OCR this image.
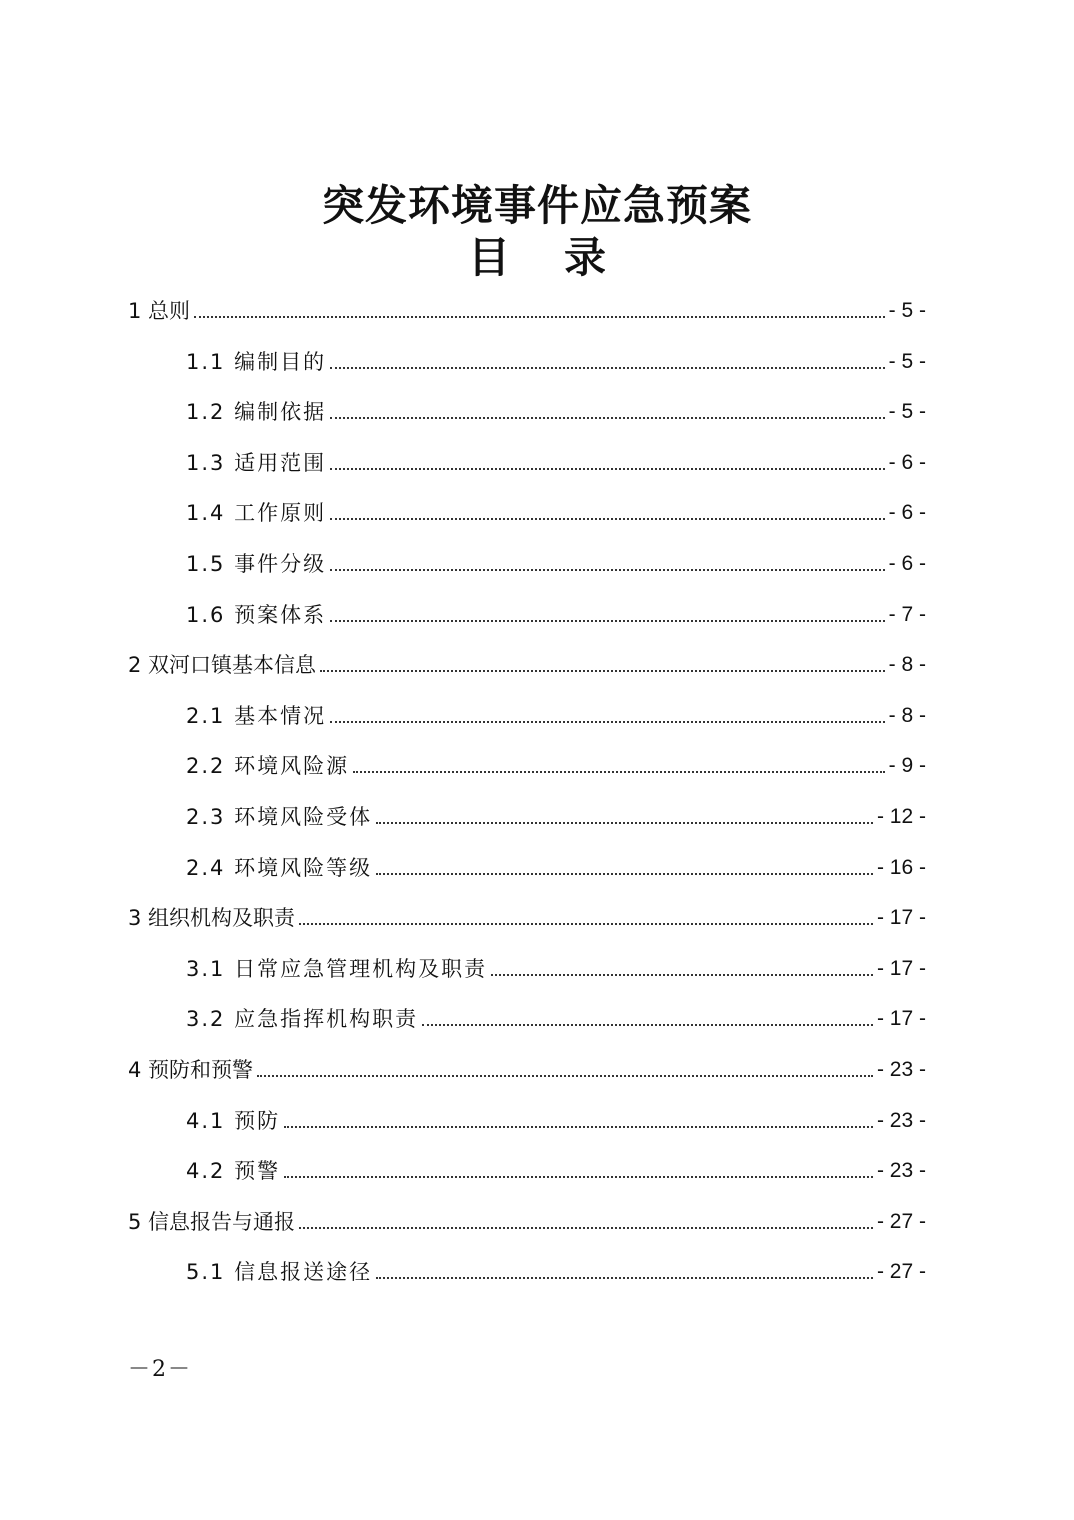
突发环境事件应急预案
目录
1 总则	- 5 -
1.1 编制目的	- 5 -
1.2 编制依据	- 5 -
1.3 适用范围	- 6 -
1.4 工作原则	- 6 -
1.5 事件分级	- 6 -
1.6 预案体系	- 7 -
2 双河口镇基本信息	- 8 -
2.1 基本情况	- 8 -
2.2 环境风险源	- 9 -
2.3 环境风险受体	- 12 -
2.4 环境风险等级	- 16 -
3 组织机构及职责	- 17 -
3.1 日常应急管理机构及职责	- 17 -
3.2 应急指挥机构职责	- 17 -
4 预防和预警	- 23 -
4.1 预防	- 23 -
4.2 预警	- 23 -
5 信息报告与通报	- 27 -
5.1 信息报送途径	- 27 -
－2－
